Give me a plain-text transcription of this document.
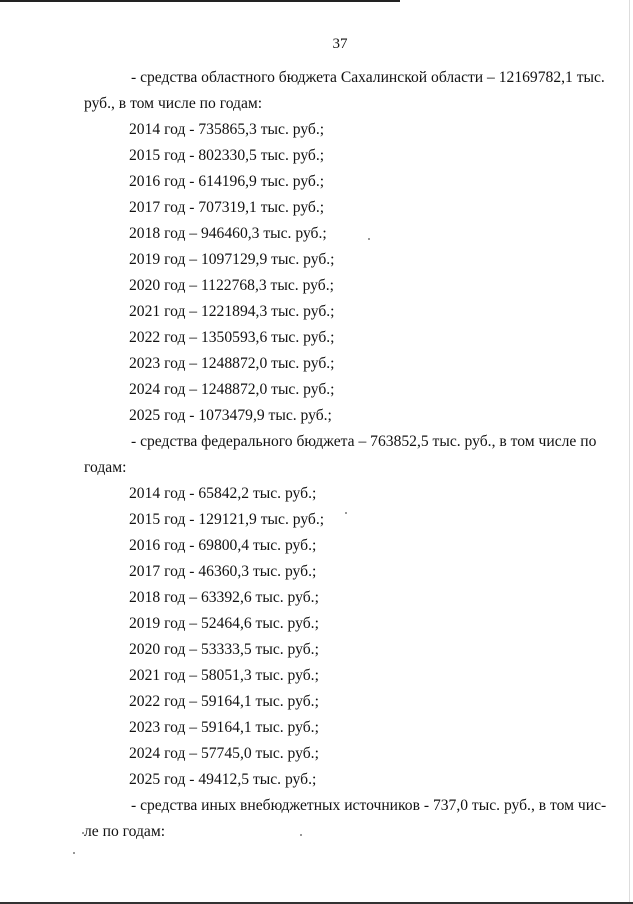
37
- средства областного бюджета Сахалинской области – 12169782,1 тыс.
руб., в том числе по годам:
2014 год - 735865,3 тыс. руб.;
2015 год - 802330,5 тыс. руб.;
2016 год - 614196,9 тыс. руб.;
2017 год - 707319,1 тыс. руб.;
2018 год – 946460,3 тыс. руб.;
2019 год – 1097129,9 тыс. руб.;
2020 год – 1122768,3 тыс. руб.;
2021 год – 1221894,3 тыс. руб.;
2022 год – 1350593,6 тыс. руб.;
2023 год – 1248872,0 тыс. руб.;
2024 год – 1248872,0 тыс. руб.;
2025 год - 1073479,9 тыс. руб.;
- средства федерального бюджета – 763852,5 тыс. руб., в том числе по
годам:
2014 год - 65842,2 тыс. руб.;
2015 год - 129121,9 тыс. руб.;
2016 год - 69800,4 тыс. руб.;
2017 год - 46360,3 тыс. руб.;
2018 год – 63392,6 тыс. руб.;
2019 год – 52464,6 тыс. руб.;
2020 год – 53333,5 тыс. руб.;
2021 год – 58051,3 тыс. руб.;
2022 год – 59164,1 тыс. руб.;
2023 год – 59164,1 тыс. руб.;
2024 год – 57745,0 тыс. руб.;
2025 год - 49412,5 тыс. руб.;
- средства иных внебюджетных источников - 737,0 тыс. руб., в том чис-
ле по годам:
